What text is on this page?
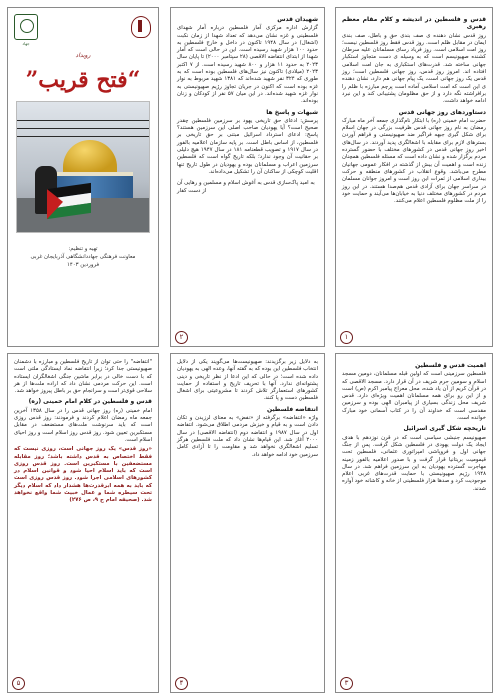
جهاد
رویداد
“فتح قریب”
تهیه و تنظیم:
معاونت فرهنگی جهاددانشگاهی آذربایجان غربی
فروردین ۱۴۰۳
شهیدان قدس

گزارش اداره مرکزی آمار فلسطین درباره آمار شهدای فلسطینی و غزه نشان می‌دهد که تعداد شهدا از زمان نکبت (اشغال) در سال ۱۹۴۸ تاکنون در داخل و خارج فلسطین به حدود ۱۰۰ هزار شهید رسیده است. این در حالی است که آمار شهدا از ابتدای انتفاضه الاقصی (۲۸ سپتامبر ۲۰۰۰) تا پایان سال ۲۰۲۳ به حدود ۱۱ هزار و ۸۰۰ شهید رسیده است. از ۷ اکتبر ۲۰۲۳ (میلادی) تاکنون نیز سال‌های فلسطین بوده است که به طوری که ۳۲۴ نفر شهید شده‌اند که ۱۳۸۱ شهید مربوط به نوار غزه بوده است که اکنون در جریان تجاوز رژیم صهیونیستی به نوار غزه شهید شده‌اند. در این میان ۵۷ نفر از کودکان و زنان بوده‌اند.

شبهات و پاسخ ها

پرسش: ادعای حق تاریخی یهود بر سرزمین فلسطین چقدر صحیح است؟ آیا یهودیان صاحب اصلی این سرزمین هستند؟ پاسخ: ادعای استرداد اسرائیل مبتنی بر حق تاریخی بر فلسطین، از اساس باطل است. بر پایه سازمان اعلامیه بالفور در سال ۱۹۱۷ و تصویب قطعنامه ۱۸۱ در سال ۱۹۴۷ هیچ دلیلی بر حقانیت آن وجود ندارد؛ بلکه تاریخ گواه است که فلسطین سرزمین اعراب و مسلمانان بوده و یهودیان در طول تاریخ تنها اقلیت کوچکی از ساکنان آن را تشکیل می‌داده‌اند.

به امید پاک‌سازی قدس به آغوش اسلام و مسلمین و رهایی آن از دست کفار
۲
قدس و فلسطین در اندیشه و کلام مقام معظم رهبری

روز قدس نشان دهنده ی صف بندی حق و باطل، صف بندی ایمان در مقابل ظلم است. روز قدس فقط روز فلسطین نیست؛ روز امت اسلامی است. روز فریاد رسای مسلمانان علیه سرطان کشنده صهیونیسم است که به وسیله ی دست متجاوز استکبار جهانی ساخته شد. قدرت‌های استکباری به جان امت اسلامی افتاده اند. امروز روز قدس، روز جهانی فلسطین است؛ روز قدس یک روز جهانی است، یک پیام جهانی هم دارد، نشان دهنده ی این است که امت اسلامی آماده است پرچم مبارزه با ظلم را برافراشته نگه دارد و از حق مظلومان پشتیبانی کند و این نبرد ادامه خواهد داشت.

دستاوردهای روز جهانی قدس

حضرت امام خمینی (ره) با ابتکار نام‌گذاری جمعه آخر ماه مبارک رمضان به نام روز جهانی قدس ظرفیت بزرگی در جهان اسلام برای شکل گیری جبهه فراگیر ضد صهیونیستی و فراهم آوردن بسترهای لازم برای مقابله با اشغالگری پدید آوردند. در سال‌های اخیر روز جهانی قدس در کشورهای مختلف با حضور گسترده مردم برگزار شده و نشان داده است که مسئله فلسطین همچنان زنده است و اهمیت آن بیش از گذشته در افکار عمومی جهانیان مطرح می‌باشد. وقوع انقلاب در کشورهای منطقه و حرکت بیداری اسلامی از ثمرات این روز است و امروز جوانان مسلمان در سراسر جهان برای آزادی قدس هم‌صدا هستند. در این روز مردم در کشورهای مختلف دنیا به خیابان‌ها می‌آیند و حمایت خود را از ملت مظلوم فلسطین اعلام می‌کنند.

۱

"انتفاضه" را حتی توان از تاریخ فلسطین و مبارزه با دشمنان صهیونیستی جدا کرد؛ زیرا انتفاضه نماد ایستادگی ملتی است که با دست خالی در برابر ماشین جنگی اشغالگران ایستاده است. این حرکت مردمی نشان داد که اراده ملت‌ها از هر سلاحی قوی‌تر است و سرانجام حق بر باطل پیروز خواهد شد.

قدس و فلسطین در کلام امام خمینی (ره)

امام خمینی (ره) روز جهانی قدس را در سال ۱۳۵۸ آخرین جمعه ماه رمضان اعلام کردند و فرمودند: روز قدس روزی است که باید سرنوشت ملت‌های مستضعف در مقابل مستکبرین تعیین شود. روز قدس روز اسلام است و روز احیای اسلام است.

«روز قدس» یک روز جهانی است، روزی نیست که فقط اختصاص به قدس داشته باشد؛ روز مقابله مستضعفین با مستکبرین است. روز قدس روزی است که باید اسلام احیا شود و قوانین اسلام در کشورهای اسلامی اجرا شود. روز قدس روزی است که باید به همه ابرقدرت‌ها هشدار داد که اسلام دیگر تحت سیطره شما و عمال خبیث شما واقع نخواهد شد. (صحیفه امام ج ۹، ص ۲۷۶)

۵

به دلایل زیر برگزیدند: صهیونیست‌ها می‌گویند یکی از دلایل انتخاب فلسطین این بوده که به گفته آنها، وعده الهی به یهودیان داده شده است؛ در حالی که این ادعا از نظر تاریخی و دینی پشتوانه‌ای ندارد. آنها با تحریف تاریخ و استفاده از حمایت کشورهای استعمارگر تلاش کردند تا مشروعیتی برای اشغال فلسطین دست و پا کنند.

انتفاضه فلسطین

واژه «انتفاضه» برگرفته از «نفض» به معنای لرزیدن و تکان دادن است و به قیام و خیزش مردمی اطلاق می‌شود. انتفاضه اول در سال ۱۹۸۷ و انتفاضه دوم (انتفاضه الاقصی) در سال ۲۰۰۰ آغاز شد. این قیام‌ها نشان داد که ملت فلسطین هرگز تسلیم اشغالگری نخواهد شد و مقاومت را تا آزادی کامل سرزمین خود ادامه خواهد داد.

۴
اهمیت قدس و فلسطین

فلسطین سرزمینی است که اولین قبله مسلمانان، دومین مسجد اسلام و سومین حرم شریف در آن قرار دارد. مسجد الاقصی که در قرآن کریم از آن یاد شده، محل معراج پیامبر اکرم (ص) است و از این رو برای همه مسلمانان اهمیت ویژه‌ای دارد. قدس شریف محل زندگی بسیاری از پیامبران الهی بوده و سرزمین مقدسی است که خداوند آن را در کتاب آسمانی خود مبارک خوانده است.

تاریخچه شکل گیری اسرائیل

صهیونیسم جنبشی سیاسی است که در قرن نوزدهم با هدف ایجاد یک دولت یهودی در فلسطین شکل گرفت. پس از جنگ جهانی اول و فروپاشی امپراتوری عثمانی، فلسطین تحت قیمومیت بریتانیا قرار گرفت و با صدور اعلامیه بالفور زمینه مهاجرت گسترده یهودیان به این سرزمین فراهم شد. در سال ۱۹۴۸ رژیم صهیونیستی با حمایت قدرت‌های غربی اعلام موجودیت کرد و صدها هزار فلسطینی از خانه و کاشانه خود آواره شدند.

۳
